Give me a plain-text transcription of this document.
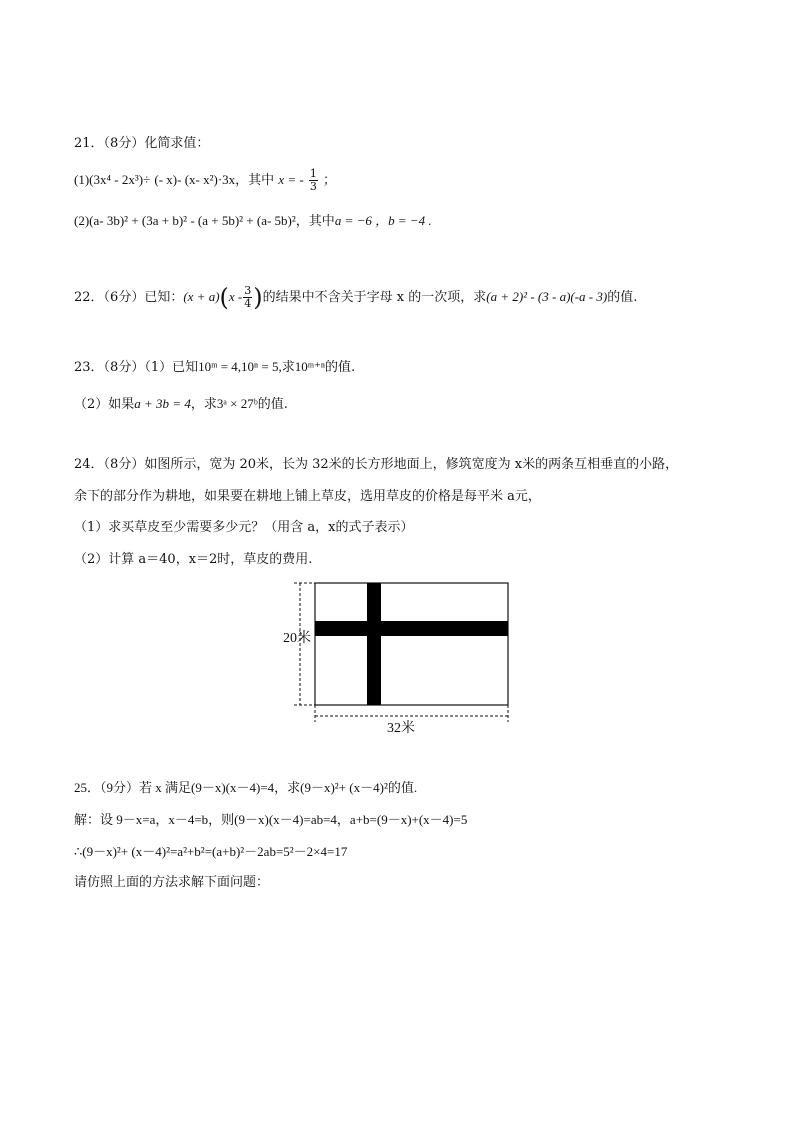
21．（8分）化简求值：
(1)(3x⁴ - 2x³)÷ (- x)- (x- x²)·3x，其中 x = - $\frac{1}{3}$ ；
(2)(a- 3b)² + (3a + b)² - (a + 5b)² + (a- 5b)²，其中a = −6 ，b = −4 .
22．（6分）已知：$(x + a)(x - \frac{3}{4}$ )的结果中不含关于字母 x 的一次项，求(a + 2)² - (3 - a)(-a - 3)的值.
23．（8分）（1）已知10ᵐ = 4,10ⁿ = 5,求10ᵐ⁺ⁿ的值.
（2）如果a + 3b = 4，求3ᵃ × 27ᵇ的值.
24．（8分）如图所示，宽为 20米，长为 32米的长方形地面上，修筑宽度为 x米的两条互相垂直的小路，
余下的部分作为耕地，如果要在耕地上铺上草皮，选用草皮的价格是每平米 a元，
（1）求买草皮至少需要多少元？（用含 a，x的式子表示）
（2）计算 a＝40，x＝2时，草皮的费用.
20米
32米
25．（9分）若 x 满足(9－x)(x－4)=4，求(9－x)²+ (x－4)²的值.
解：设 9－x=a，x－4=b，则(9－x)(x－4)=ab=4，a+b=(9－x)+(x－4)=5
∴(9－x)²+ (x－4)²=a²+b²=(a+b)²－2ab=5²－2×4=17
请仿照上面的方法求解下面问题：
